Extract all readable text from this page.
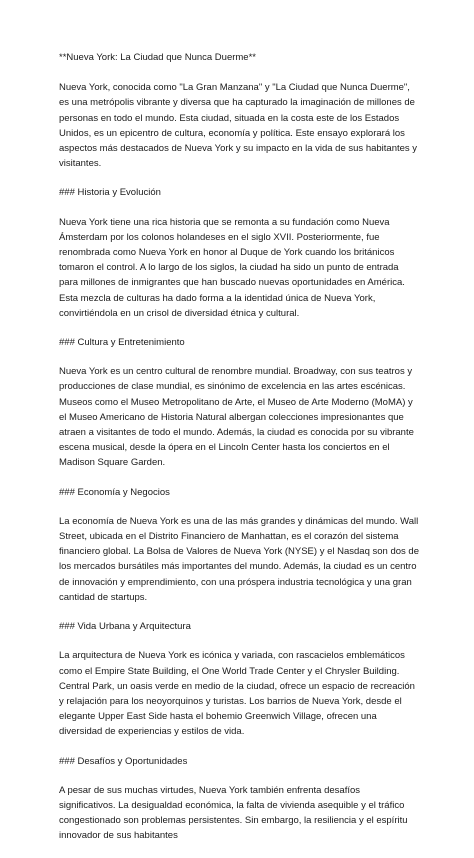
**Nueva York: La Ciudad que Nunca Duerme**

Nueva York, conocida como "La Gran Manzana" y "La Ciudad que Nunca Duerme", es una metrópolis vibrante y diversa que ha capturado la imaginación de millones de personas en todo el mundo. Esta ciudad, situada en la costa este de los Estados Unidos, es un epicentro de cultura, economía y política. Este ensayo explorará los aspectos más destacados de Nueva York y su impacto en la vida de sus habitantes y visitantes.

### Historia y Evolución

Nueva York tiene una rica historia que se remonta a su fundación como Nueva Ámsterdam por los colonos holandeses en el siglo XVII. Posteriormente, fue renombrada como Nueva York en honor al Duque de York cuando los británicos tomaron el control. A lo largo de los siglos, la ciudad ha sido un punto de entrada para millones de inmigrantes que han buscado nuevas oportunidades en América. Esta mezcla de culturas ha dado forma a la identidad única de Nueva York, convirtiéndola en un crisol de diversidad étnica y cultural.

### Cultura y Entretenimiento

Nueva York es un centro cultural de renombre mundial. Broadway, con sus teatros y producciones de clase mundial, es sinónimo de excelencia en las artes escénicas. Museos como el Museo Metropolitano de Arte, el Museo de Arte Moderno (MoMA) y el Museo Americano de Historia Natural albergan colecciones impresionantes que atraen a visitantes de todo el mundo. Además, la ciudad es conocida por su vibrante escena musical, desde la ópera en el Lincoln Center hasta los conciertos en el Madison Square Garden.

### Economía y Negocios

La economía de Nueva York es una de las más grandes y dinámicas del mundo. Wall Street, ubicada en el Distrito Financiero de Manhattan, es el corazón del sistema financiero global. La Bolsa de Valores de Nueva York (NYSE) y el Nasdaq son dos de los mercados bursátiles más importantes del mundo. Además, la ciudad es un centro de innovación y emprendimiento, con una próspera industria tecnológica y una gran cantidad de startups.

### Vida Urbana y Arquitectura

La arquitectura de Nueva York es icónica y variada, con rascacielos emblemáticos como el Empire State Building, el One World Trade Center y el Chrysler Building. Central Park, un oasis verde en medio de la ciudad, ofrece un espacio de recreación y relajación para los neoyorquinos y turistas. Los barrios de Nueva York, desde el elegante Upper East Side hasta el bohemio Greenwich Village, ofrecen una diversidad de experiencias y estilos de vida.

### Desafíos y Oportunidades

A pesar de sus muchas virtudes, Nueva York también enfrenta desafíos significativos. La desigualdad económica, la falta de vivienda asequible y el tráfico congestionado son problemas persistentes. Sin embargo, la resiliencia y el espíritu innovador de sus habitantes
